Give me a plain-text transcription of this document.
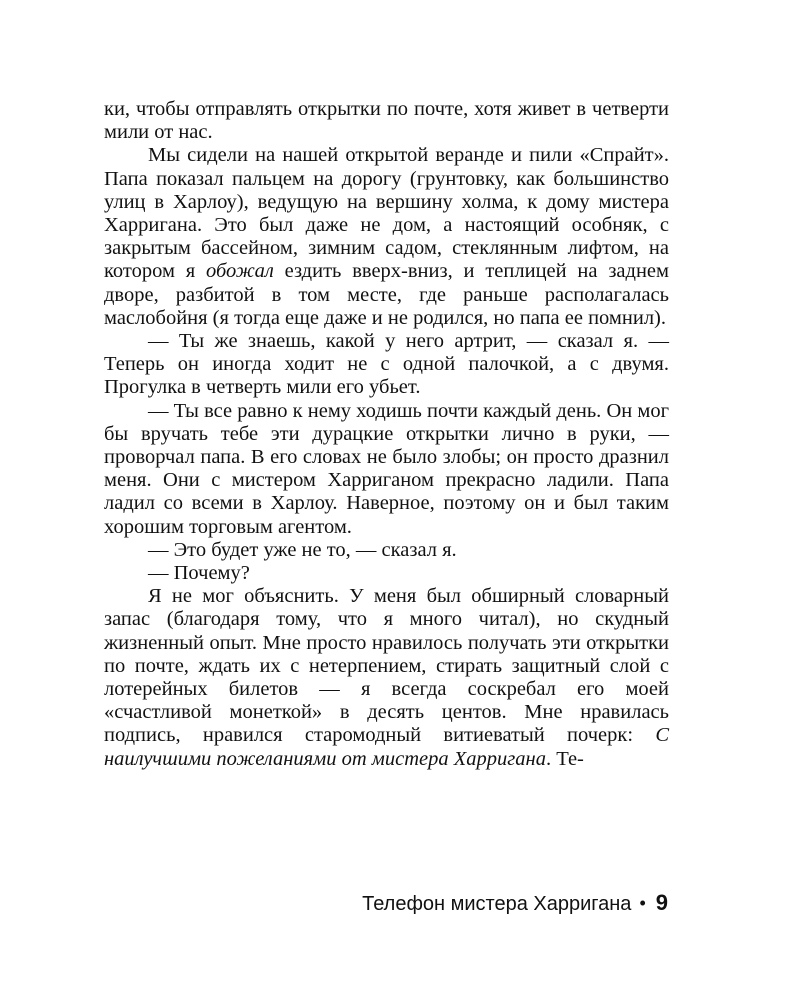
ки, чтобы отправлять открытки по почте, хотя живет в четверти мили от нас.

Мы сидели на нашей открытой веранде и пили «Спрайт». Папа показал пальцем на дорогу (грунтовку, как большинство улиц в Харлоу), ведущую на вершину холма, к дому мистера Харригана. Это был даже не дом, а настоящий особняк, с закрытым бассейном, зимним садом, стеклянным лифтом, на котором я обожал ездить вверх-вниз, и теплицей на заднем дворе, разбитой в том месте, где раньше располагалась маслобойня (я тогда еще даже и не родился, но папа ее помнил).

— Ты же знаешь, какой у него артрит, — сказал я. — Теперь он иногда ходит не с одной палочкой, а с двумя. Прогулка в четверть мили его убьет.

— Ты все равно к нему ходишь почти каждый день. Он мог бы вручать тебе эти дурацкие открытки лично в руки, — проворчал папа. В его словах не было злобы; он просто дразнил меня. Они с мистером Харриганом прекрасно ладили. Папа ладил со всеми в Харлоу. Наверное, поэтому он и был таким хорошим торговым агентом.

— Это будет уже не то, — сказал я.

— Почему?

Я не мог объяснить. У меня был обширный словарный запас (благодаря тому, что я много читал), но скудный жизненный опыт. Мне просто нравилось получать эти открытки по почте, ждать их с нетерпением, стирать защитный слой с лотерейных билетов — я всегда соскребал его моей «счастливой монеткой» в десять центов. Мне нравилась подпись, нравился старомодный витиеватый почерк: С наилучшими пожеланиями от мистера Харригана. Те-

Телефон мистера Харригана • 9
